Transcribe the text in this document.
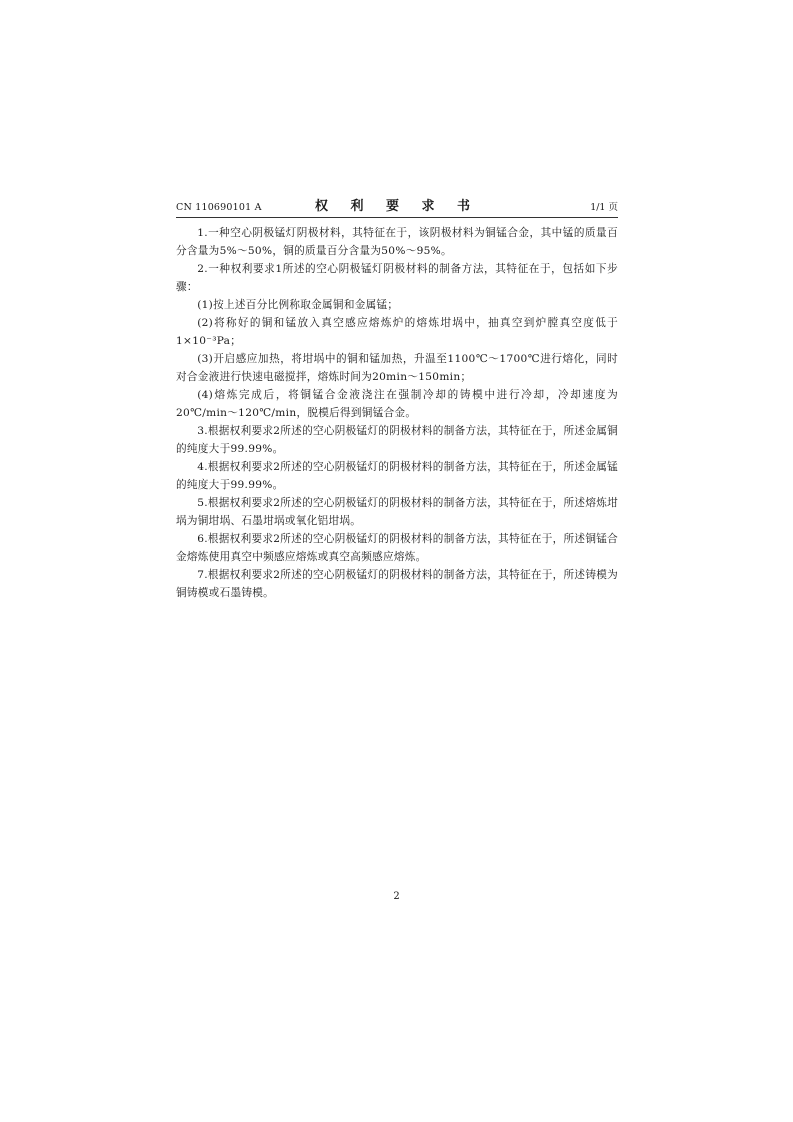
CN 110690101 A	权 利 要 求 书	1/1 页

1.一种空心阴极锰灯阴极材料，其特征在于，该阴极材料为铜锰合金，其中锰的质量百分含量为5%～50%，铜的质量百分含量为50%～95%。

2.一种权利要求1所述的空心阴极锰灯阴极材料的制备方法，其特征在于，包括如下步骤：

(1)按上述百分比例称取金属铜和金属锰；

(2)将称好的铜和锰放入真空感应熔炼炉的熔炼坩埚中，抽真空到炉膛真空度低于1×10⁻³Pa；

(3)开启感应加热，将坩埚中的铜和锰加热，升温至1100℃～1700℃进行熔化，同时对合金液进行快速电磁搅拌，熔炼时间为20min～150min；

(4)熔炼完成后，将铜锰合金液浇注在强制冷却的铸模中进行冷却，冷却速度为20℃/min～120℃/min，脱模后得到铜锰合金。

3.根据权利要求2所述的空心阴极锰灯的阴极材料的制备方法，其特征在于，所述金属铜的纯度大于99.99%。

4.根据权利要求2所述的空心阴极锰灯的阴极材料的制备方法，其特征在于，所述金属锰的纯度大于99.99%。

5.根据权利要求2所述的空心阴极锰灯的阴极材料的制备方法，其特征在于，所述熔炼坩埚为铜坩埚、石墨坩埚或氧化铝坩埚。

6.根据权利要求2所述的空心阴极锰灯的阴极材料的制备方法，其特征在于，所述铜锰合金熔炼使用真空中频感应熔炼或真空高频感应熔炼。

7.根据权利要求2所述的空心阴极锰灯的阴极材料的制备方法，其特征在于，所述铸模为铜铸模或石墨铸模。

2
